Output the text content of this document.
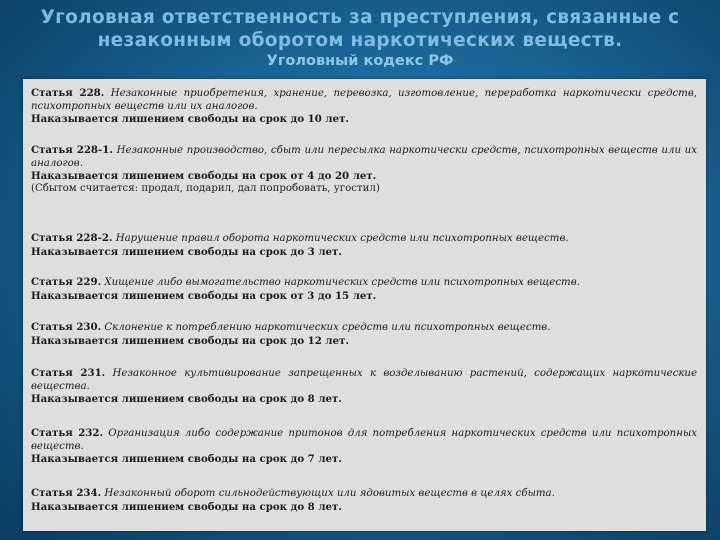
Уголовная ответственность за преступления, связанные с незаконным оборотом наркотических веществ.
Уголовный кодекс РФ
Статья 228. Незаконные приобретения, хранение, перевозка, изготовление, переработка наркотически средств, психотропных веществ или их аналогов.
Наказывается лишением свободы на срок до 10 лет.
Статья 228-1. Незаконные производство, сбыт или пересылка наркотически средств, психотропных веществ или их аналогов.
Наказывается лишением свободы на срок от 4 до 20 лет.
(Сбытом считается: продал, подарил, дал попробовать, угостил)
Статья 228-2. Нарушение правил оборота наркотических средств или психотропных веществ.
Наказывается лишением свободы на срок до 3 лет.
Статья 229. Хищение либо вымогательство наркотических средств или психотропных веществ.
Наказывается лишением свободы на срок от 3 до 15 лет.
Статья 230. Склонение к потреблению наркотических средств или психотропных веществ.
Наказывается лишением свободы на срок до 12 лет.
Статья 231. Незаконное культивирование запрещенных к возделыванию растений, содержащих наркотические вещества.
Наказывается лишением свободы на срок до 8 лет.
Статья 232. Организация либо содержание притонов для потребления наркотических средств или психотропных веществ.
Наказывается лишением свободы на срок до 7 лет.
Статья 234. Незаконный оборот сильнодействующих или ядовитых веществ в целях сбыта.
Наказывается лишением свободы на срок до 8 лет.
